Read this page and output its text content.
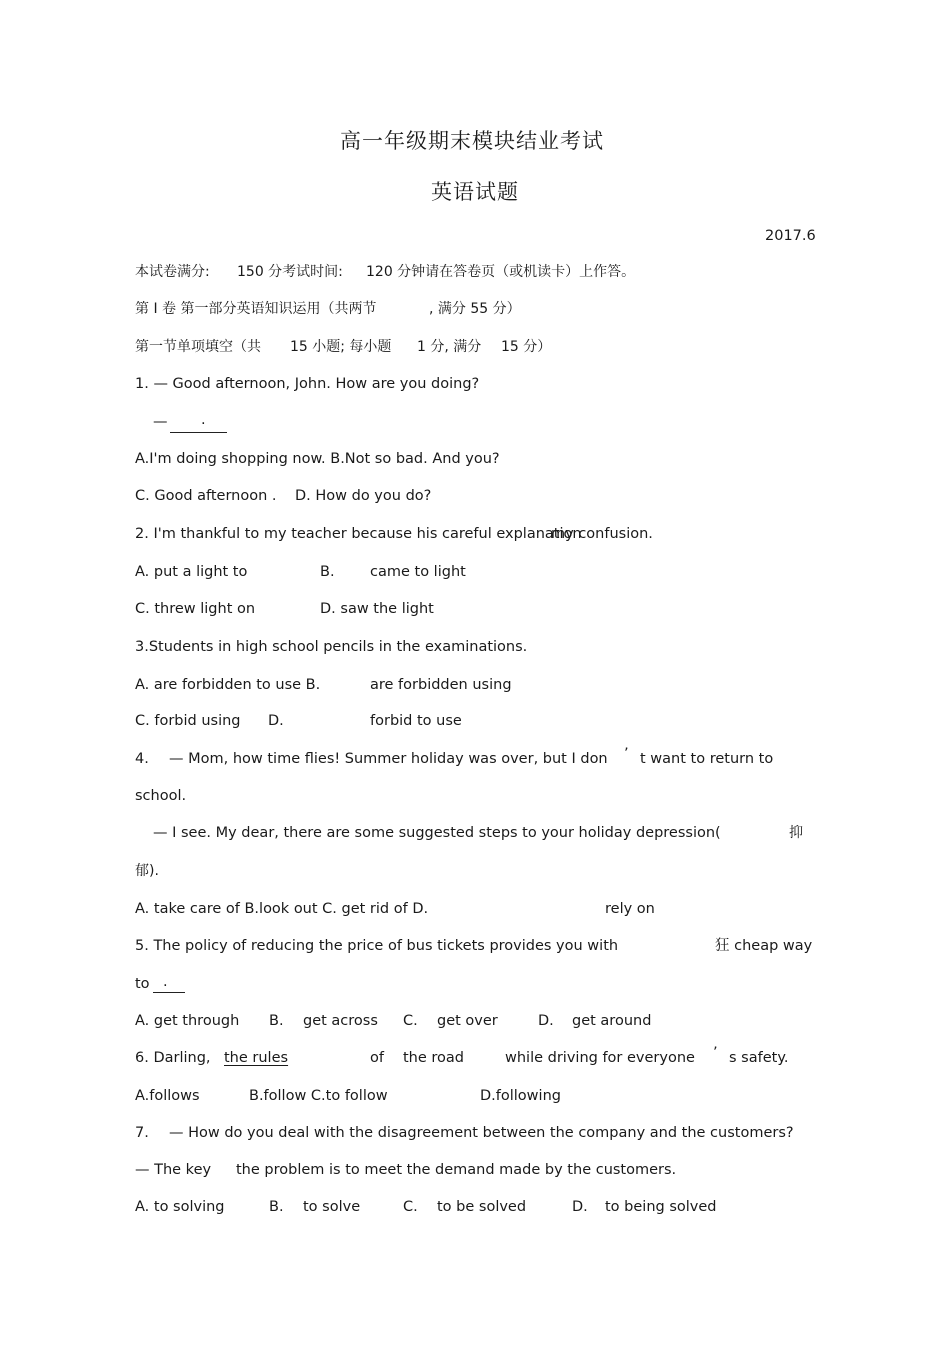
高一年级期末模块结业考试
英语试题
2017.6
本试卷满分: 150 分考试时间: 120 分钟请在答卷页（或机读卡）上作答。
第 I 卷 第一部分英语知识运用（共两节	, 满分 55 分）
第一节单项填空（共 15 小题; 每小题 1 分, 满分 15 分）
1. — Good afternoon, John. How are you doing?
— .
A.I'm doing shopping now. B.Not so bad. And you?
C. Good afternoon . D. How do you do?
2. I'm thankful to my teacher because his careful explanation
my confusion.
A. put a light to	B. came to light
C. threw light on	D. saw the light
3.Students in high school pencils in the examinations.
A. are forbidden to use B.	are forbidden using
C. forbid using D.	forbid to use
4. — Mom, how time flies! Summer holiday was over, but I don ’ t want to return to
school.
— I see. My dear, there are some suggested steps to your holiday depression(	抑
郁).
A. take care of B.look out C. get rid of D.	rely on
5. The policy of reducing the price of bus tickets provides you with	狂 cheap way
to .
A. get through B. get across C. get over	D. get around
6. Darling, the rules	of the road	while driving for everyone ’ s safety.
A.follows	B.follow C.to follow	D.following
7. — How do you deal with the disagreement between the company and the customers?
— The key the problem is to meet the demand made by the customers.
A. to solving	B. to solve	C. to be solved	D. to being solved
